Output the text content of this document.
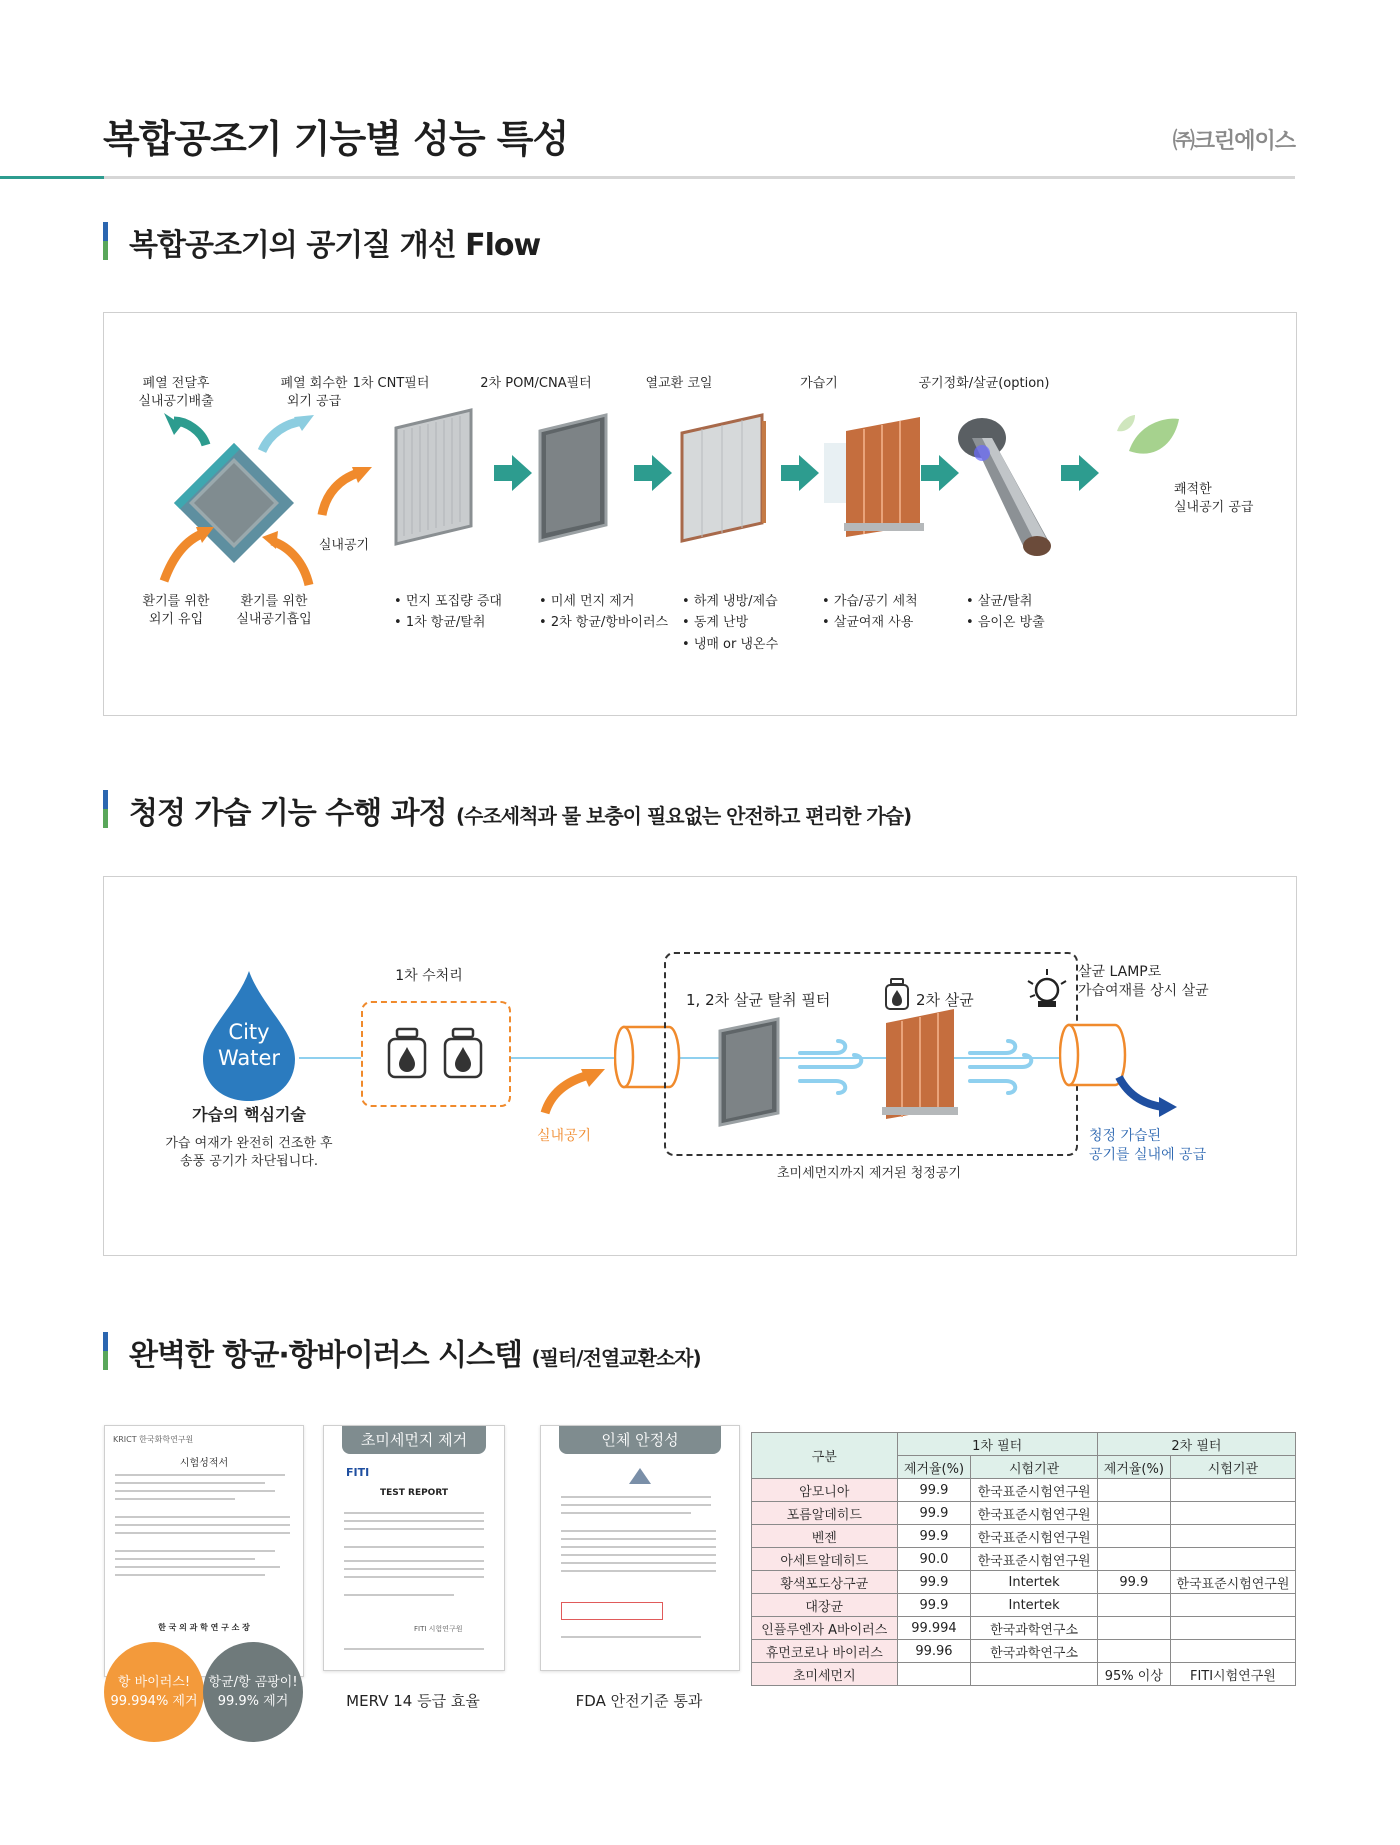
복합공조기 기능별 성능 특성	㈜크린에이스
복합공조기의 공기질 개선 Flow
폐열 전달후
실내공기배출
폐열 회수한
외기 공급
환기를 위한
외기 유입
환기를 위한
실내공기흡입
실내공기
1차 CNT필터	2차 POM/CNA필터	열교환 코일	가습기	공기정화/살균(option)
쾌적한
실내공기 공급
• 먼지 포집량 증대
• 1차 항균/탈취
• 미세 먼지 제거
• 2차 항균/항바이러스
• 하계 냉방/제습
• 동계 난방
• 냉매 or 냉온수
• 가습/공기 세척
• 살균여재 사용
• 살균/탈취
• 음이온 방출
청정 가습 기능 수행 과정 (수조세척과 물 보충이 필요없는 안전하고 편리한 가습)
City
Water
가습의 핵심기술
가습 여재가 완전히 건조한 후
송풍 공기가 차단됩니다.
1차 수처리
실내공기
1, 2차 살균 탈취 필터	2차 살균
초미세먼지까지 제거된 청정공기
살균 LAMP로
가습여재를 상시 살균
청정 가습된
공기를 실내에 공급
완벽한 항균·항바이러스 시스템 (필터/전열교환소자)
KRICT 한국화학연구원
시험성적서
한 국 의 과 학 연 구 소 장
항 바이러스!
99.994% 제거
항균/항 곰팡이!
99.9% 제거
초미세먼지 제거
FITI
TEST REPORT
FITI 시험연구원
MERV 14 등급 효율
인체 안정성
FDA 안전기준 통과
구분	1차 필터		2차 필터	
	제거율(%)	시험기관	제거율(%)	시험기관
암모니아	99.9	한국표준시험연구원		
포름알데히드	99.9	한국표준시험연구원		
벤젠	99.9	한국표준시험연구원		
아세트알데히드	90.0	한국표준시험연구원		
황색포도상구균	99.9	Intertek	99.9	한국표준시험연구원
대장균	99.9	Intertek		
인플루엔자 A바이러스	99.994	한국과학연구소		
휴먼코로나 바이러스	99.96	한국과학연구소		
초미세먼지			95% 이상	FITI시험연구원
